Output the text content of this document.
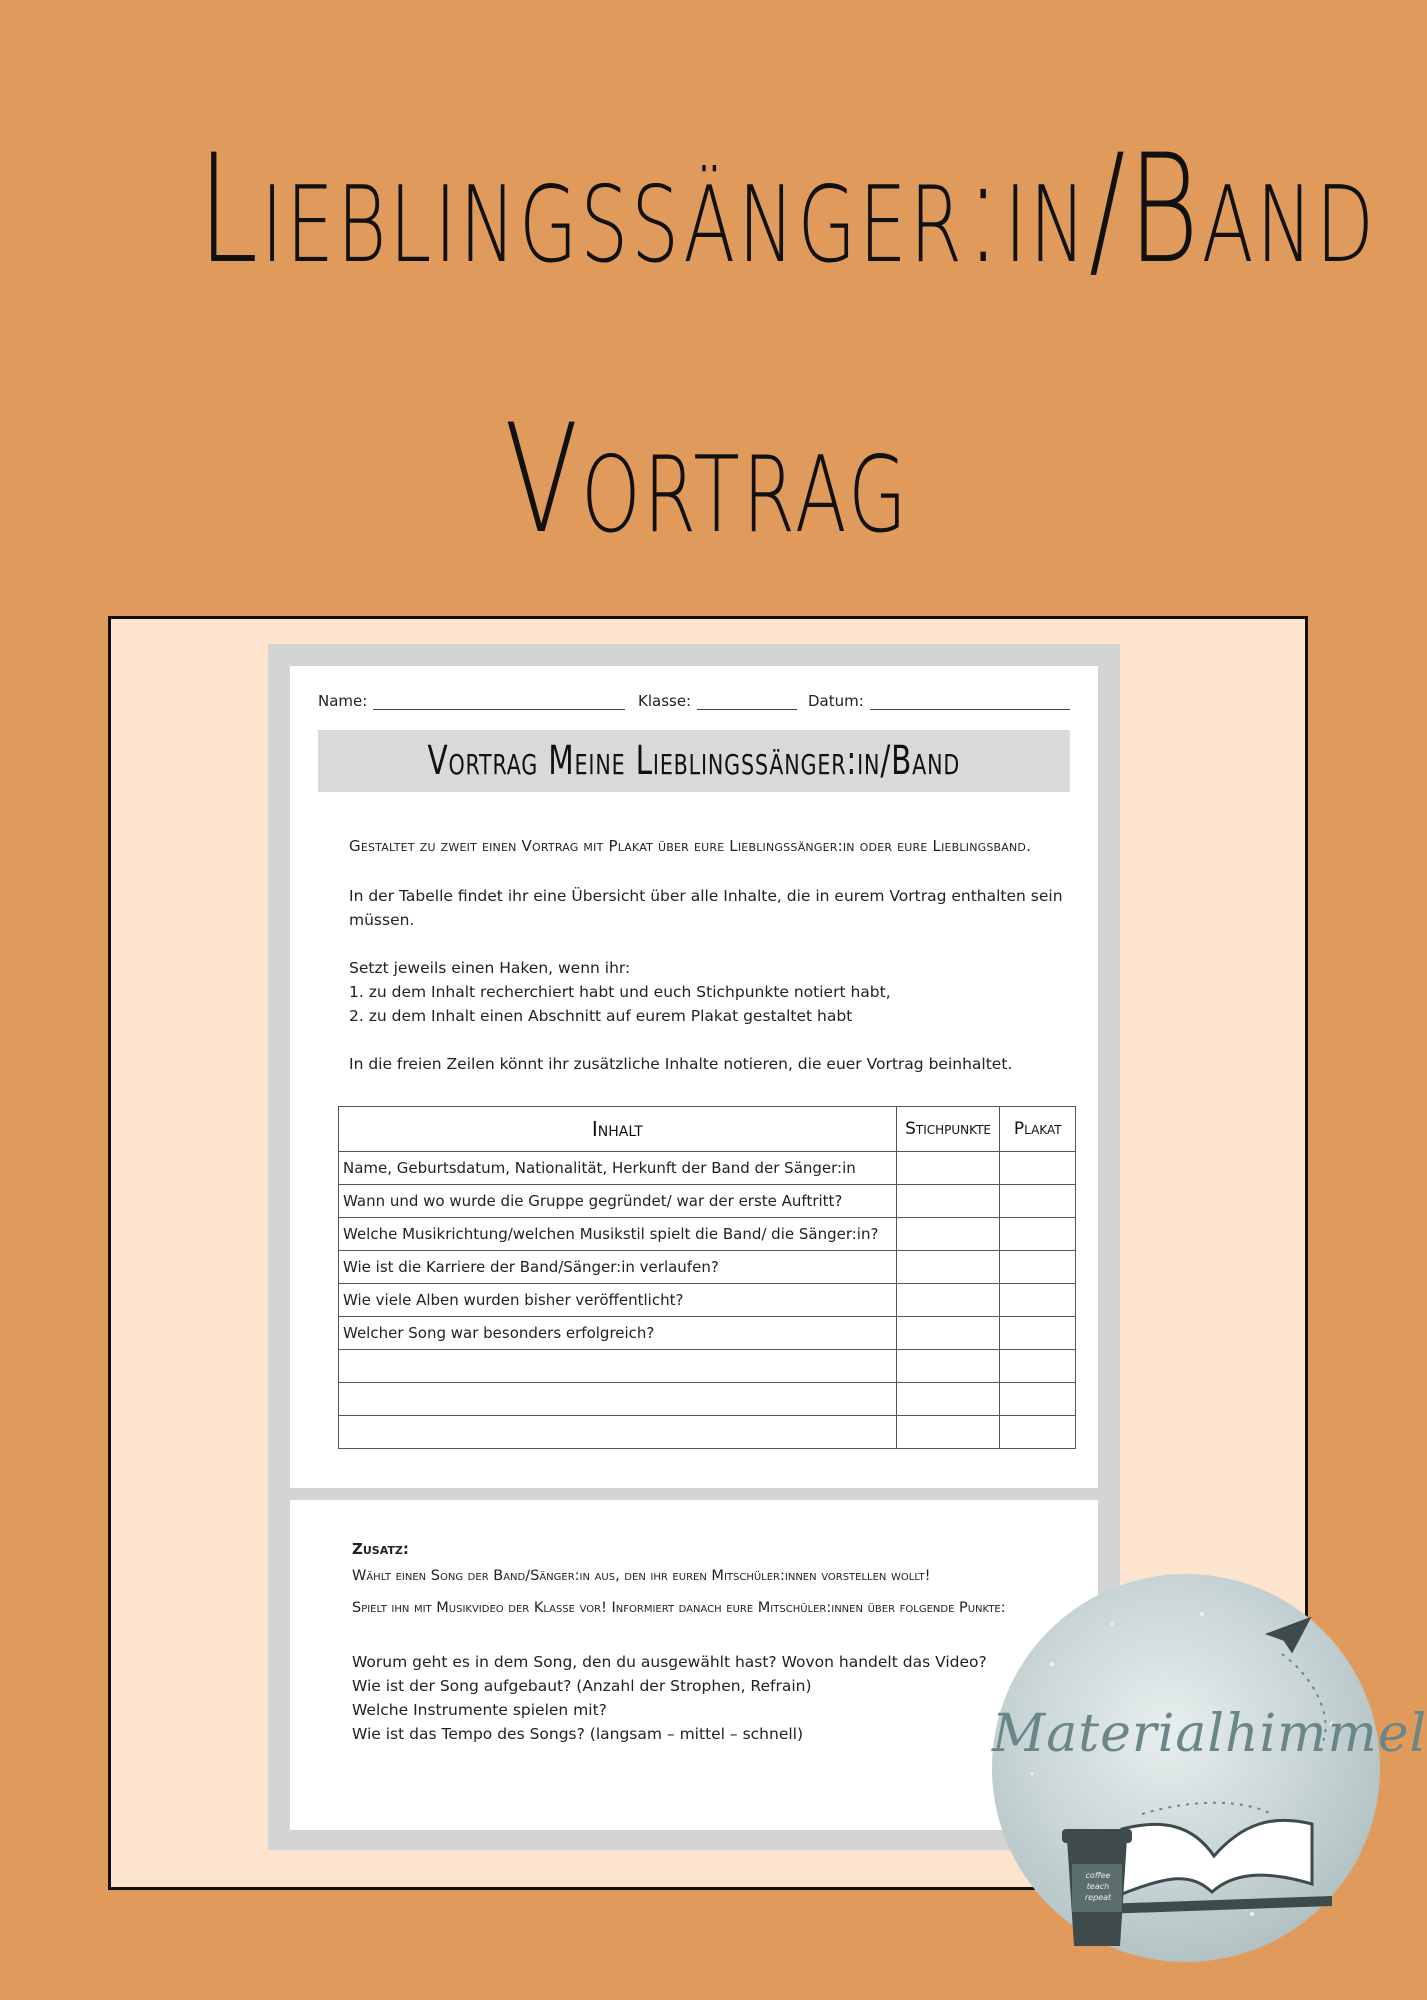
Lieblingssänger:in/Band
Vortrag
Name:	Klasse:	Datum:
Vortrag Meine Lieblingssänger:in/Band
Gestaltet zu zweit einen Vortrag mit Plakat über eure Lieblingssänger:in oder eure Lieblingsband.
In der Tabelle findet ihr eine Übersicht über alle Inhalte, die in eurem Vortrag enthalten sein müssen.
Setzt jeweils einen Haken, wenn ihr:
1. zu dem Inhalt recherchiert habt und euch Stichpunkte notiert habt,
2. zu dem Inhalt einen Abschnitt auf eurem Plakat gestaltet habt
In die freien Zeilen könnt ihr zusätzliche Inhalte notieren, die euer Vortrag beinhaltet.
Inhalt	Stichpunkte	Plakat
Name, Geburtsdatum, Nationalität, Herkunft der Band der Sänger:in		
Wann und wo wurde die Gruppe gegründet/ war der erste Auftritt?		
Welche Musikrichtung/welchen Musikstil spielt die Band/ die Sänger:in?		
Wie ist die Karriere der Band/Sänger:in verlaufen?		
Wie viele Alben wurden bisher veröffentlicht?		
Welcher Song war besonders erfolgreich?		

Zusatz:
Wählt einen Song der Band/Sänger:in aus, den ihr euren Mitschüler:innen vorstellen wollt!
Spielt ihn mit Musikvideo der Klasse vor! Informiert danach eure Mitschüler:innen über folgende Punkte:
Worum geht es in dem Song, den du ausgewählt hast? Wovon handelt das Video?
Wie ist der Song aufgebaut? (Anzahl der Strophen, Refrain)
Welche Instrumente spielen mit?
Wie ist das Tempo des Songs? (langsam – mittel – schnell)	Materialhimmel
coffee teach repeat
